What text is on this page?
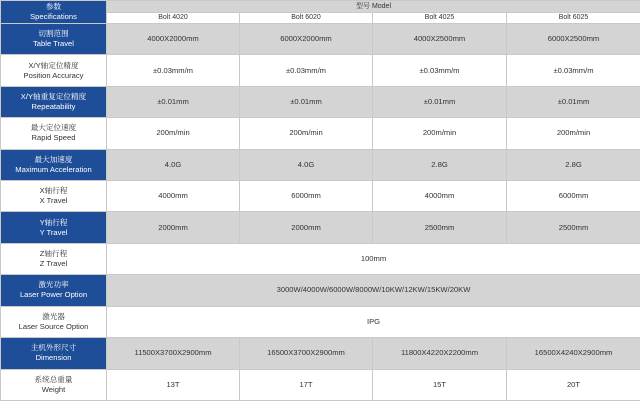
参数
Specifications	型号 Model			
	Bolt 4020	Bolt 6020	Bolt 4025	Bolt 6025

切割范围
Table Travel	4000X2000mm	6000X2000mm	4000X2500mm	6000X2500mm

X/Y轴定位精度
Position Accuracy	±0.03mm/m	±0.03mm/m	±0.03mm/m	±0.03mm/m

X/Y轴重复定位精度
Repeatability	±0.01mm	±0.01mm	±0.01mm	±0.01mm

最大定位速度
Rapid Speed	200m/min	200m/min	200m/min	200m/min

最大加速度
Maximum Acceleration	4.0G	4.0G	2.8G	2.8G

X轴行程
X Travel	4000mm	6000mm	4000mm	6000mm

Y轴行程
Y Travel	2000mm	2000mm	2500mm	2500mm

Z轴行程
Z Travel	100mm			

激光功率
Laser Power Option	3000W/4000W/6000W/8000W/10KW/12KW/15KW/20KW			

激光器
Laser Source Option	IPG			

主机外形尺寸
Dimension	11500X3700X2900mm	16500X3700X2900mm	11800X4220X2200mm	16500X4240X2900mm

系统总重量
Weight	13T	17T	15T	20T
